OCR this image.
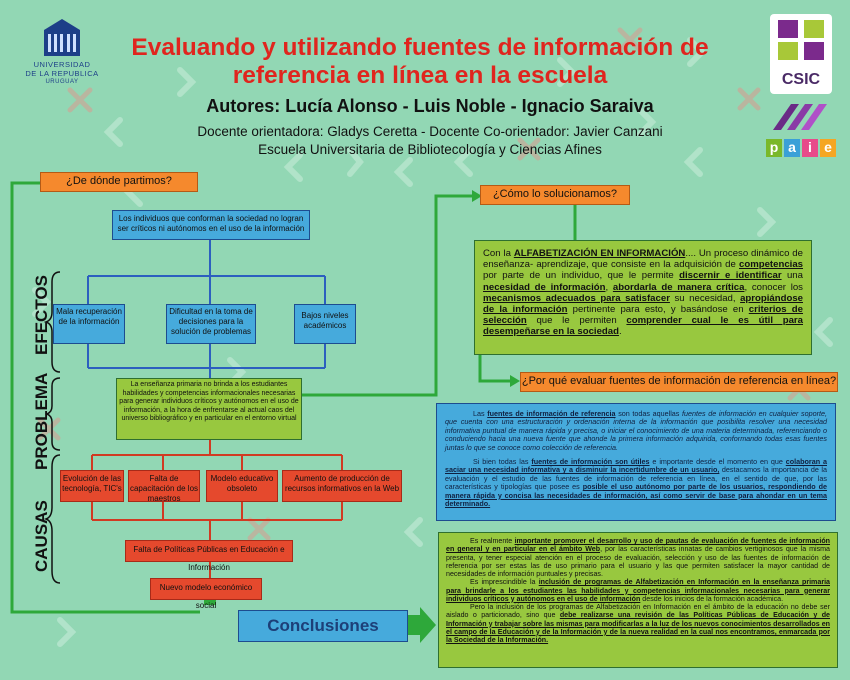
UNIVERSIDAD
DE LA REPUBLICA
URUGUAY	CSIC
p a i e
Evaluando y utilizando fuentes de información de
referencia en línea en la escuela
Autores: Lucía Alonso - Luis Noble - Ignacio Saraiva
Docente orientadora: Gladys Ceretta - Docente Co-orientador: Javier Canzani
Escuela Universitaria de Bibliotecología y Ciencias Afines
EFECTOS
PROBLEMA
CAUSAS
¿De dónde partimos?
¿Cómo lo solucionamos?
¿Por qué evaluar fuentes de información de referencia en línea?
Los individuos que conforman la sociedad no logran ser críticos ni autónomos en el uso de la información
Mala recuperación de la información
Dificultad en la toma de decisiones para la solución de problemas
Bajos niveles académicos
La enseñanza primaria no brinda a los estudiantes habilidades y competencias informacionales necesarias para generar individuos críticos y autónomos en el uso de información, a la hora de enfrentarse al actual caos del universo bibliográfico y en particular en el entorno virtual
Evolución de las tecnología, TIC's
Falta de capacitación de los maestros
Modelo educativo obsoleto
Aumento de producción de recursos informativos en la Web
Falta de Políticas Públicas en Educación e Información
Nuevo modelo económico social
Con la ALFABETIZACIÓN EN INFORMACIÓN.... Un proceso dinámico de enseñanza- aprendizaje, que consiste en la adquisición de competencias por parte de un individuo, que le permite discernir e identificar una necesidad de información, abordarla de manera crítica, conocer los mecanismos adecuados para satisfacer su necesidad, apropiándose de la información pertinente para esto, y basándose en criterios de selección que le permiten comprender cual le es útil para desempeñarse en la sociedad.
Las fuentes de información de referencia son todas aquellas fuentes de información en cualquier soporte, que cuenta con una estructuración y ordenación interna de la información que posibilita resolver una necesidad informativa puntual de manera rápida y precisa, o iniciar el conocimiento de una materia determinada, referenciando o conduciendo hacia una nueva fuente que ahonde la primera información adquirida, conformando todas esas fuentes juntas lo que se conoce como colección de referencia.
Si bien todas las fuentes de información son útiles e importante desde el momento en que colaboran a saciar una necesidad informativa y a disminuir la incertidumbre de un usuario, destacamos la importancia de la evaluación y el estudio de las fuentes de información de referencia en línea, en el sentido de que, por las características y tipologías que posee es posible el uso autónomo por parte de los usuarios, respondiendo de manera rápida y concisa las necesidades de información, así como servir de base para ahondar en un tema determinado.
Conclusiones
Es realmente importante promover el desarrollo y uso de pautas de evaluación de fuentes de información en general y en particular en el ámbito Web, por las características innatas de cambios vertiginosos que la misma presenta, y tener especial atención en el proceso de evaluación, selección y uso de las fuentes de información de referencia por ser estas las de uso primario para el usuario y las que permiten satisfacer la mayor cantidad de necesidades de información puntuales y precisas.
Es imprescindible la inclusión de programas de Alfabetización en Información en la enseñanza primaria para brindarle a los estudiantes las habilidades y competencias informacionales necesarias para generar individuos críticos y autónomos en el uso de información desde los inicios de la formación académica.
Pero la inclusión de los programas de Alfabetización en Información en el ámbito de la educación no debe ser aislado o particionado, sino que debe realizarse una revisión de las Políticas Públicas de Educación y de Información y trabajar sobre las mismas para modificarlas a la luz de los nuevos conocimientos desarrollados en el campo de la Educación y de la Información y de la nueva realidad en la cual nos encontramos, enmarcada por la Sociedad de la Información.
